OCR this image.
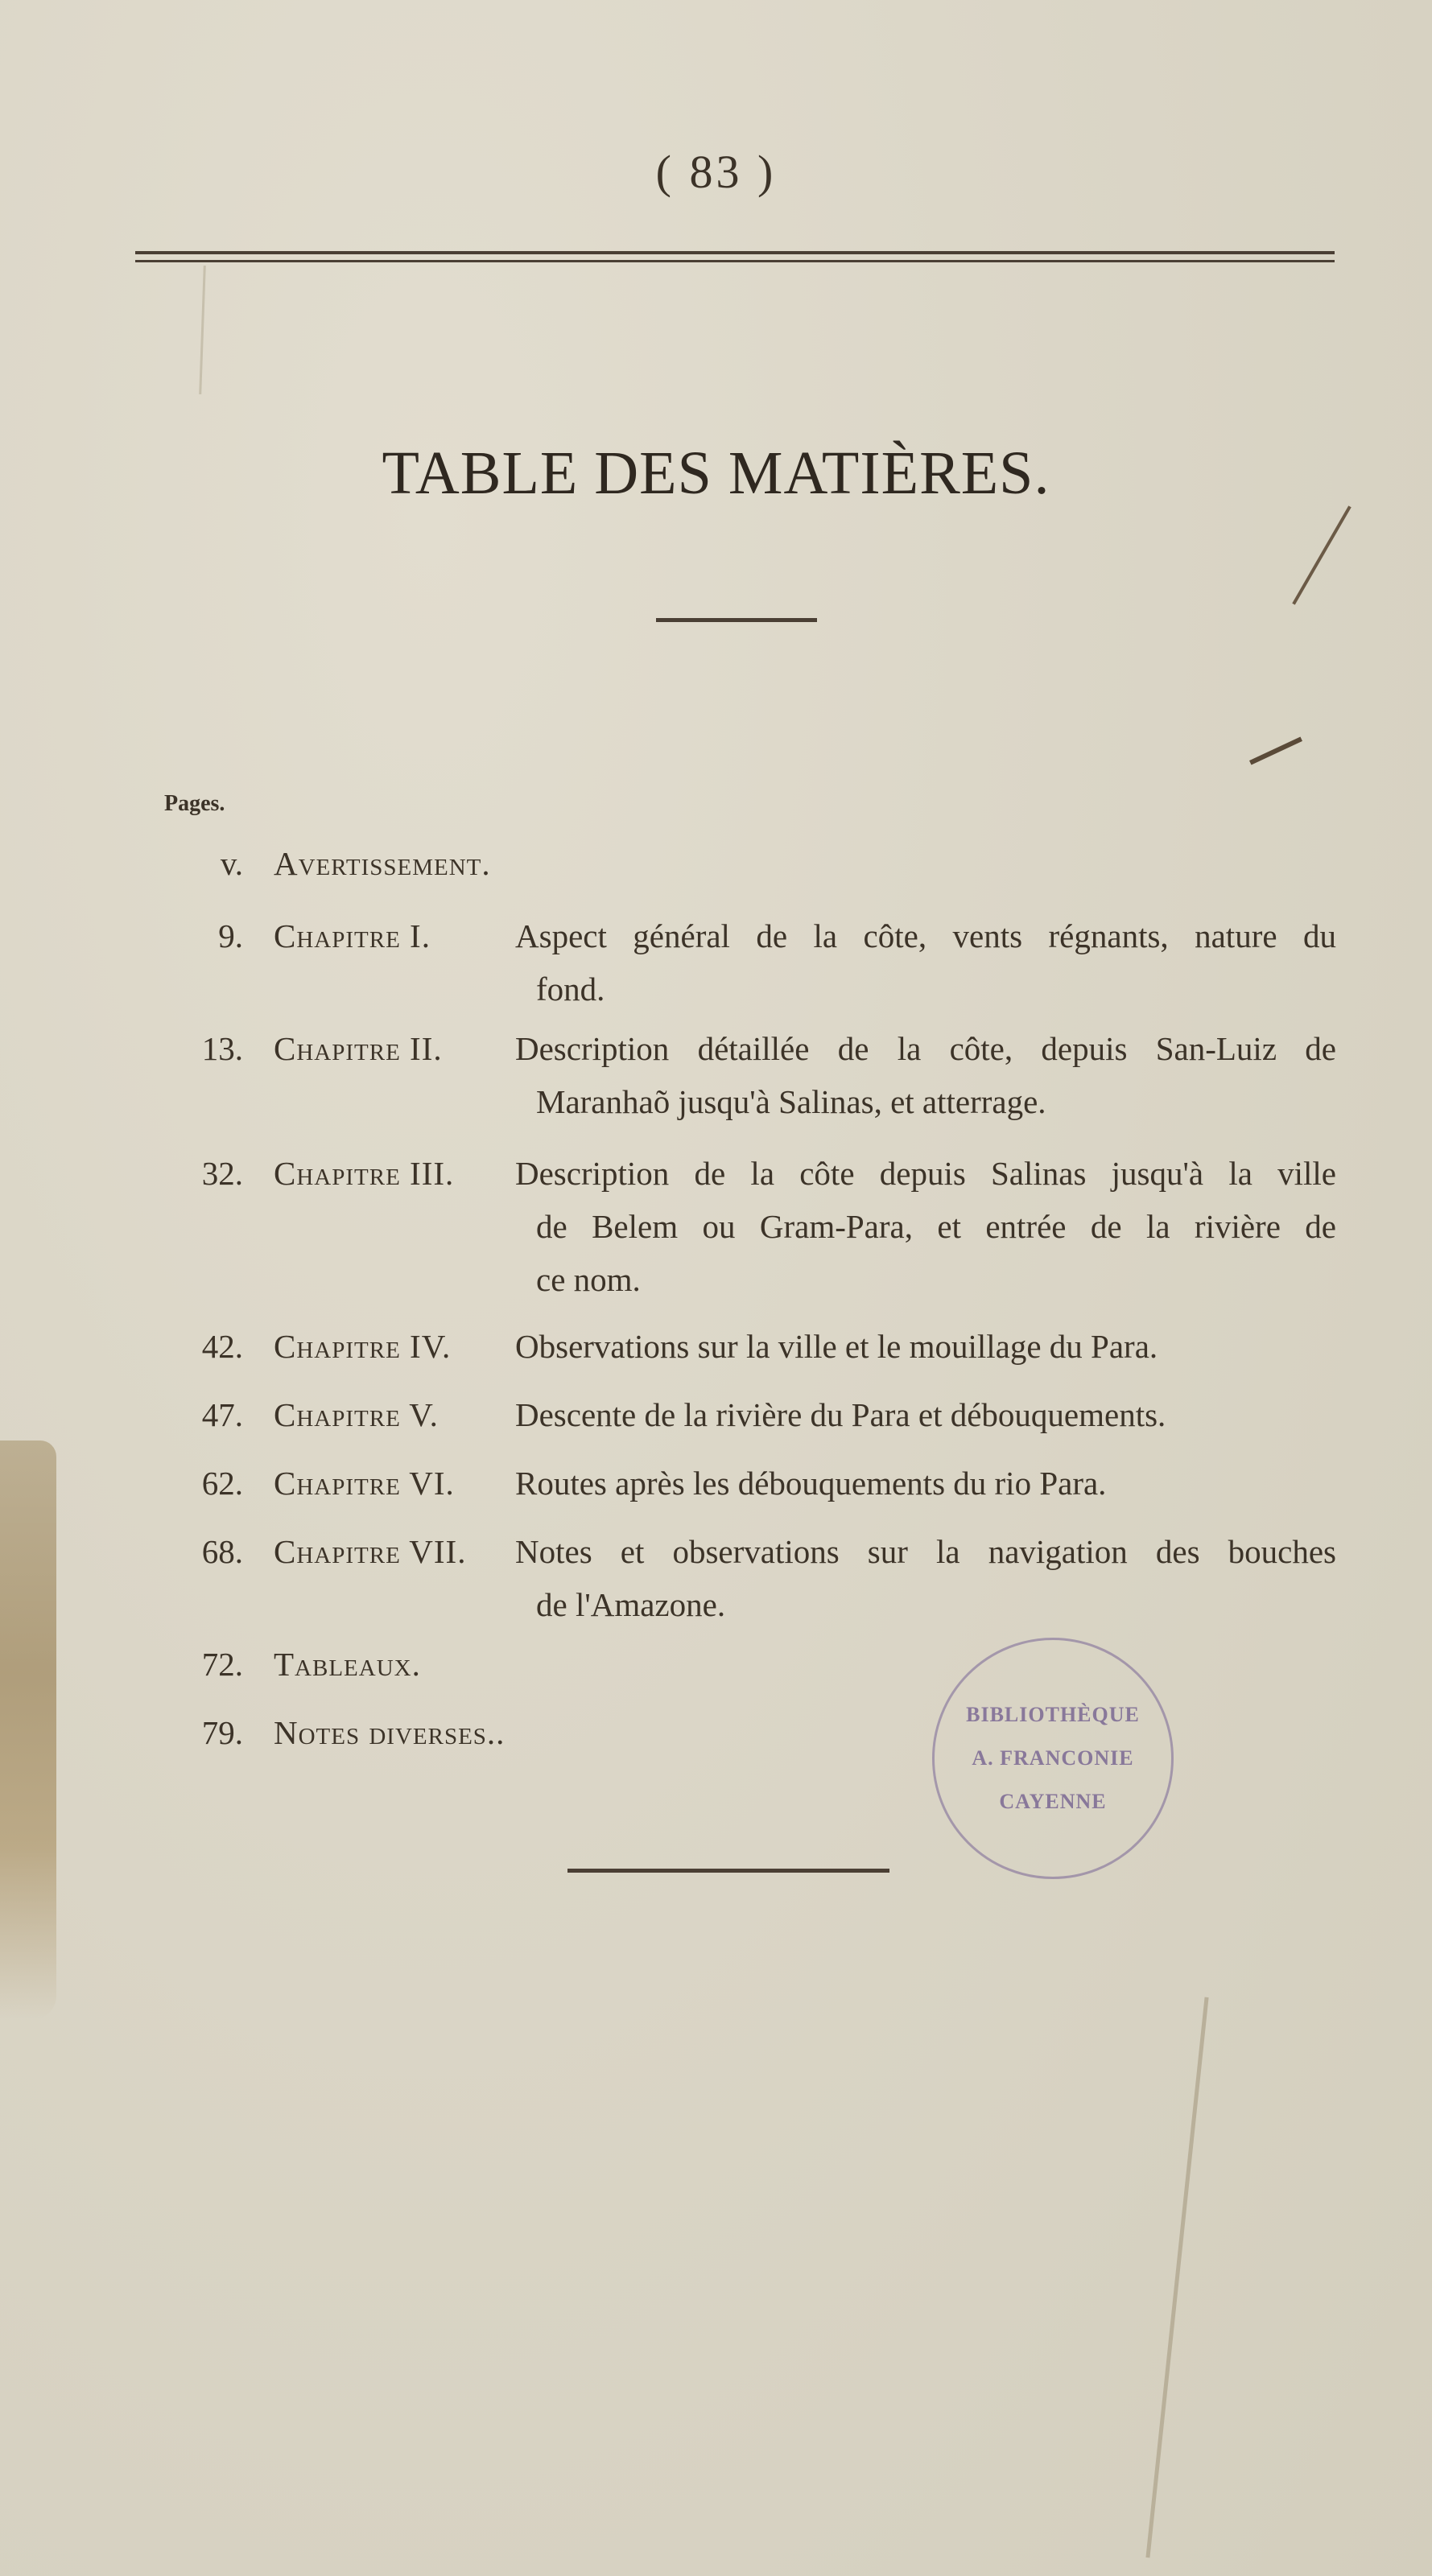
( 83 )
TABLE DES MATIÈRES.
Pages.
v. Avertissement.
9. Chapitre I.	Aspect général de la côte, vents régnants, nature du
fond.
13. Chapitre II. Description détaillée de la côte, depuis San-Luiz de
Maranhaõ jusqu'à Salinas, et atterrage.
32. Chapitre III. Description de la côte depuis Salinas jusqu'à la ville
de Belem ou Gram-Para, et entrée de la rivière de
ce nom.
42. Chapitre IV. Observations sur la ville et le mouillage du Para.
47. Chapitre V. Descente de la rivière du Para et débouquements.
62. Chapitre VI. Routes après les débouquements du rio Para.
68. Chapitre VII. Notes et observations sur la navigation des bouches
de l'Amazone.
72. Tableaux.
79. Notes diverses..	BIBLIOTHÈQUE
A. FRANCONIE
CAYENNE
